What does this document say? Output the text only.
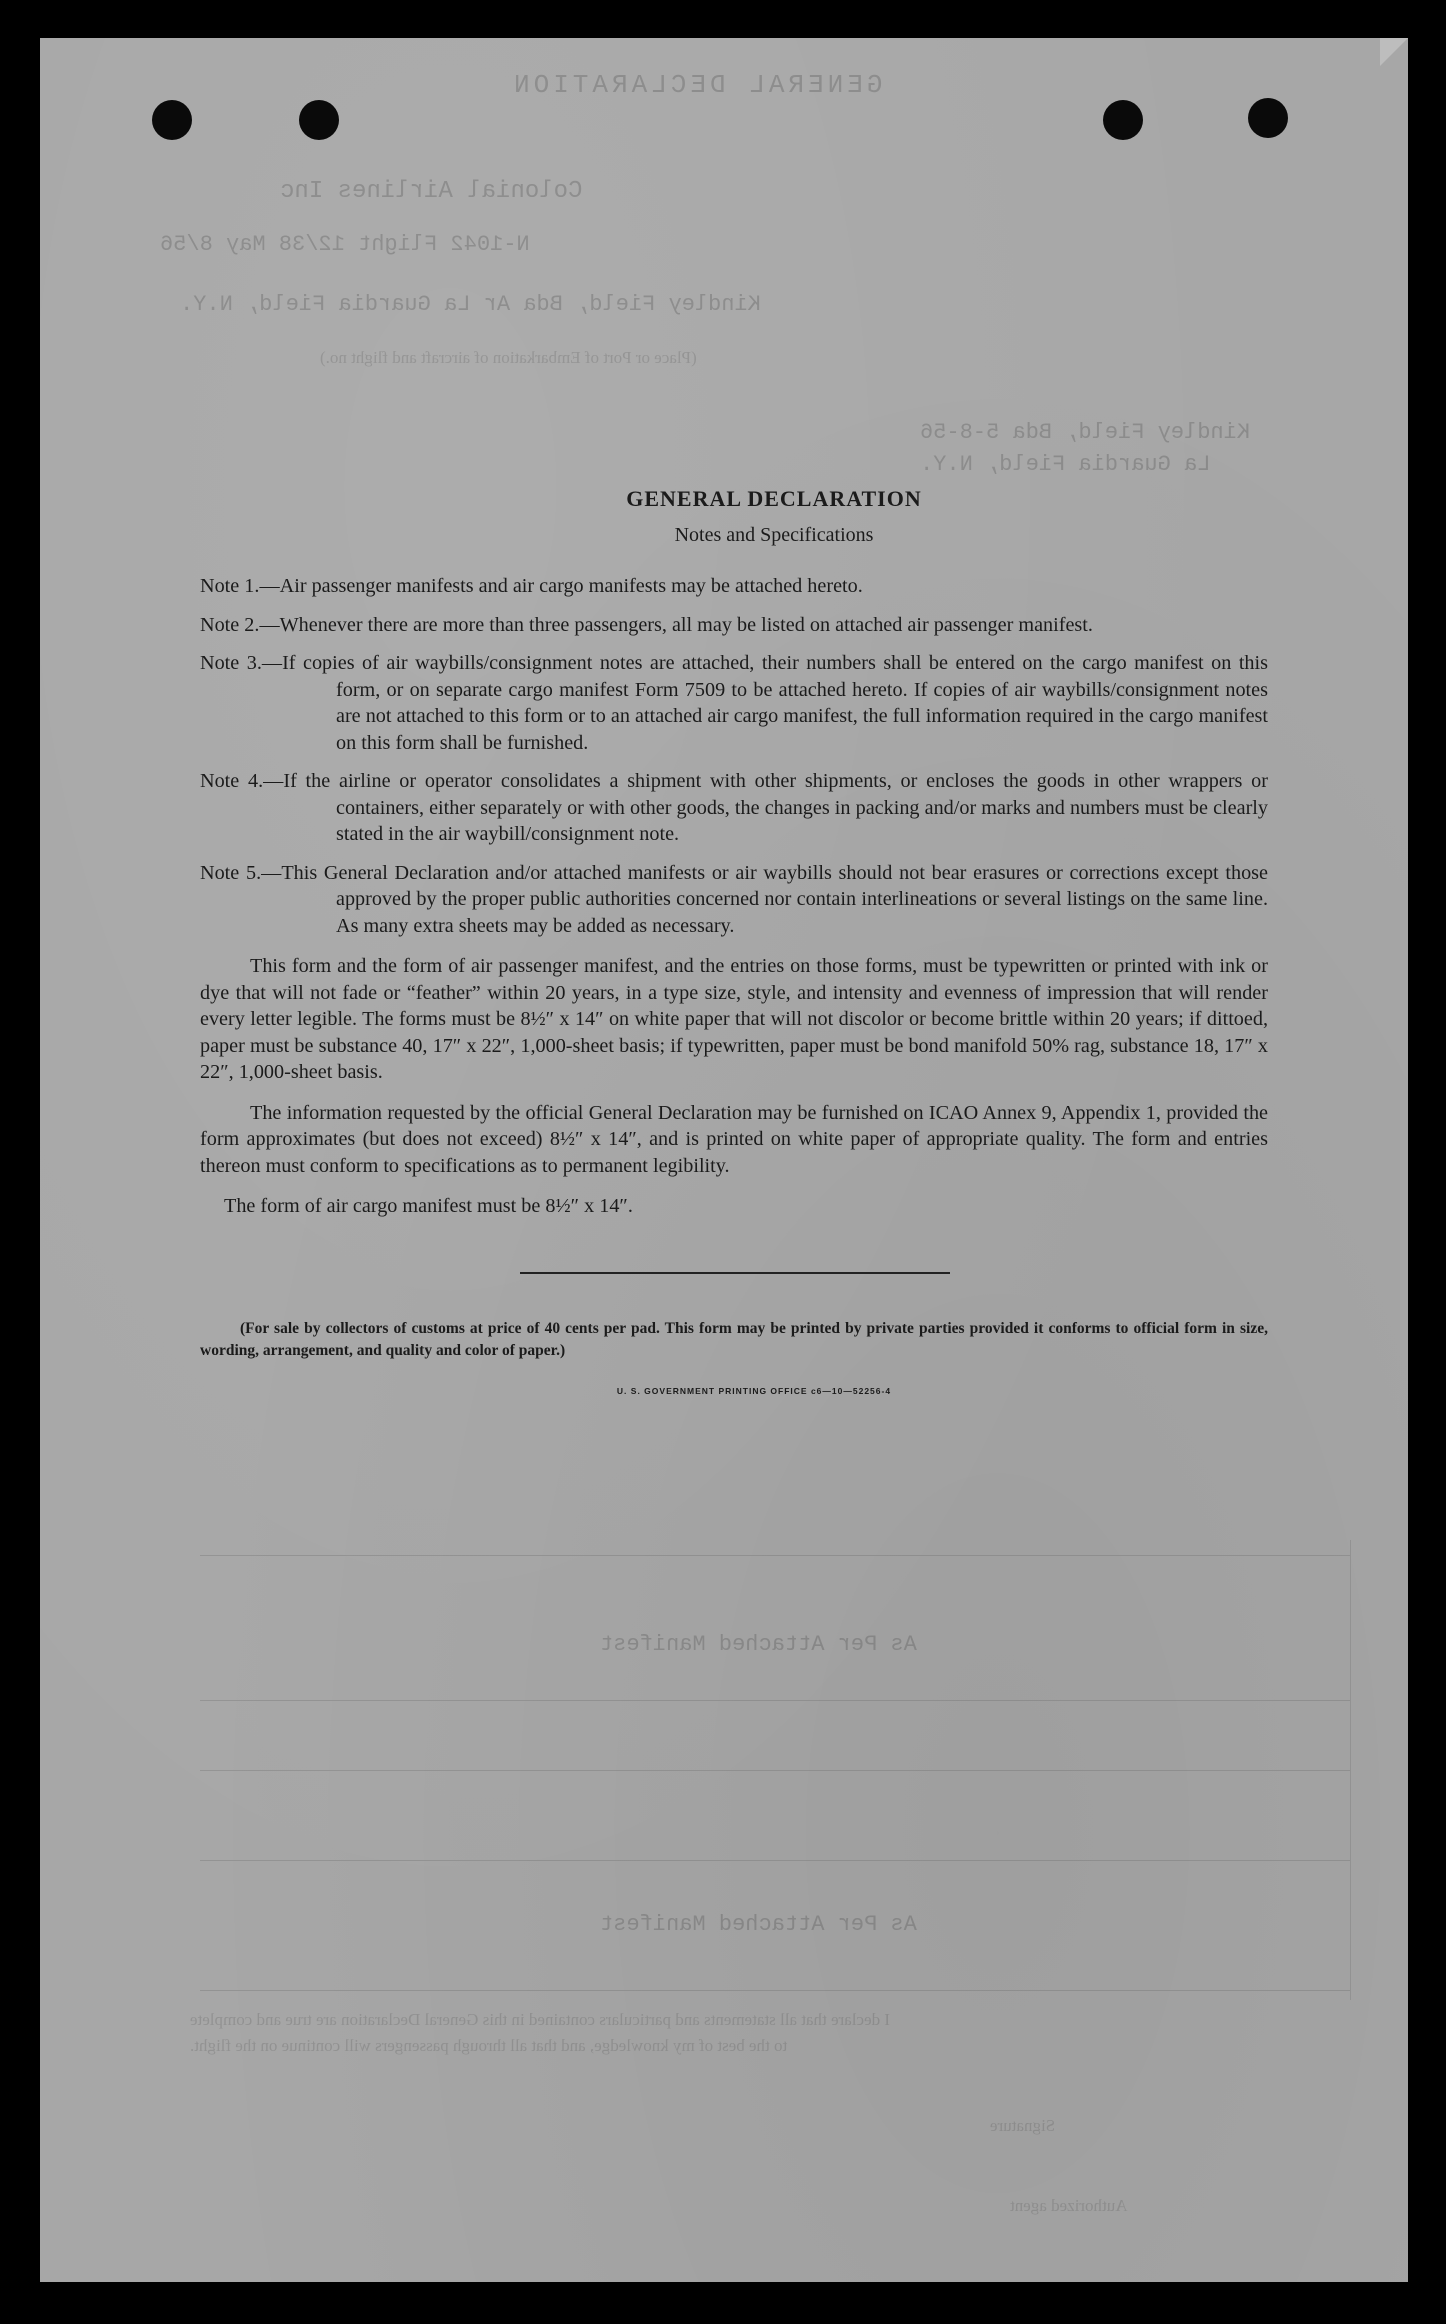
GENERAL DECLARATION
Colonial Airlines Inc
N-1042 Flight 12/38 May 8/56
Kindley Field, Bda Ar La Guardia Field, N.Y.
Kindley Field, Bda 5-8-56
La Guardia Field, N.Y.
As Per Attached Manifest
As Per Attached Manifest
(Place or Port of Embarkation of aircraft and flight no.)
I declare that all statements and particulars contained in this General Declaration are true and complete
to the best of my knowledge, and that all through passengers will continue on the flight.
Signature
Authorized agent
GENERAL DECLARATION
Notes and Specifications
Note 1.—Air passenger manifests and air cargo manifests may be attached hereto.
Note 2.—Whenever there are more than three passengers, all may be listed on attached air passenger manifest.
Note 3.—If copies of air waybills/consignment notes are attached, their numbers shall be entered on the cargo manifest on this form, or on separate cargo manifest Form 7509 to be attached hereto. If copies of air waybills/consignment notes are not attached to this form or to an attached air cargo manifest, the full information required in the cargo manifest on this form shall be furnished.
Note 4.—If the airline or operator consolidates a shipment with other shipments, or encloses the goods in other wrappers or containers, either separately or with other goods, the changes in packing and/or marks and numbers must be clearly stated in the air waybill/consignment note.
Note 5.—This General Declaration and/or attached manifests or air waybills should not bear erasures or corrections except those approved by the proper public authorities concerned nor contain interlineations or several listings on the same line. As many extra sheets may be added as necessary.

This form and the form of air passenger manifest, and the entries on those forms, must be typewritten or printed with ink or dye that will not fade or “feather” within 20 years, in a type size, style, and intensity and evenness of impression that will render every letter legible. The forms must be 8½″ x 14″ on white paper that will not discolor or become brittle within 20 years; if dittoed, paper must be substance 40, 17″ x 22″, 1,000-sheet basis; if typewritten, paper must be bond manifold 50% rag, substance 18, 17″ x 22″, 1,000-sheet basis.

The information requested by the official General Declaration may be furnished on ICAO Annex 9, Appendix 1, provided the form approximates (but does not exceed) 8½″ x 14″, and is printed on white paper of appropriate quality. The form and entries thereon must conform to specifications as to permanent legibility.

The form of air cargo manifest must be 8½″ x 14″.

(For sale by collectors of customs at price of 40 cents per pad. This form may be printed by private parties provided it conforms to official form in size, wording, arrangement, and quality and color of paper.)
U. S. GOVERNMENT PRINTING OFFICE c6—10—52256-4
